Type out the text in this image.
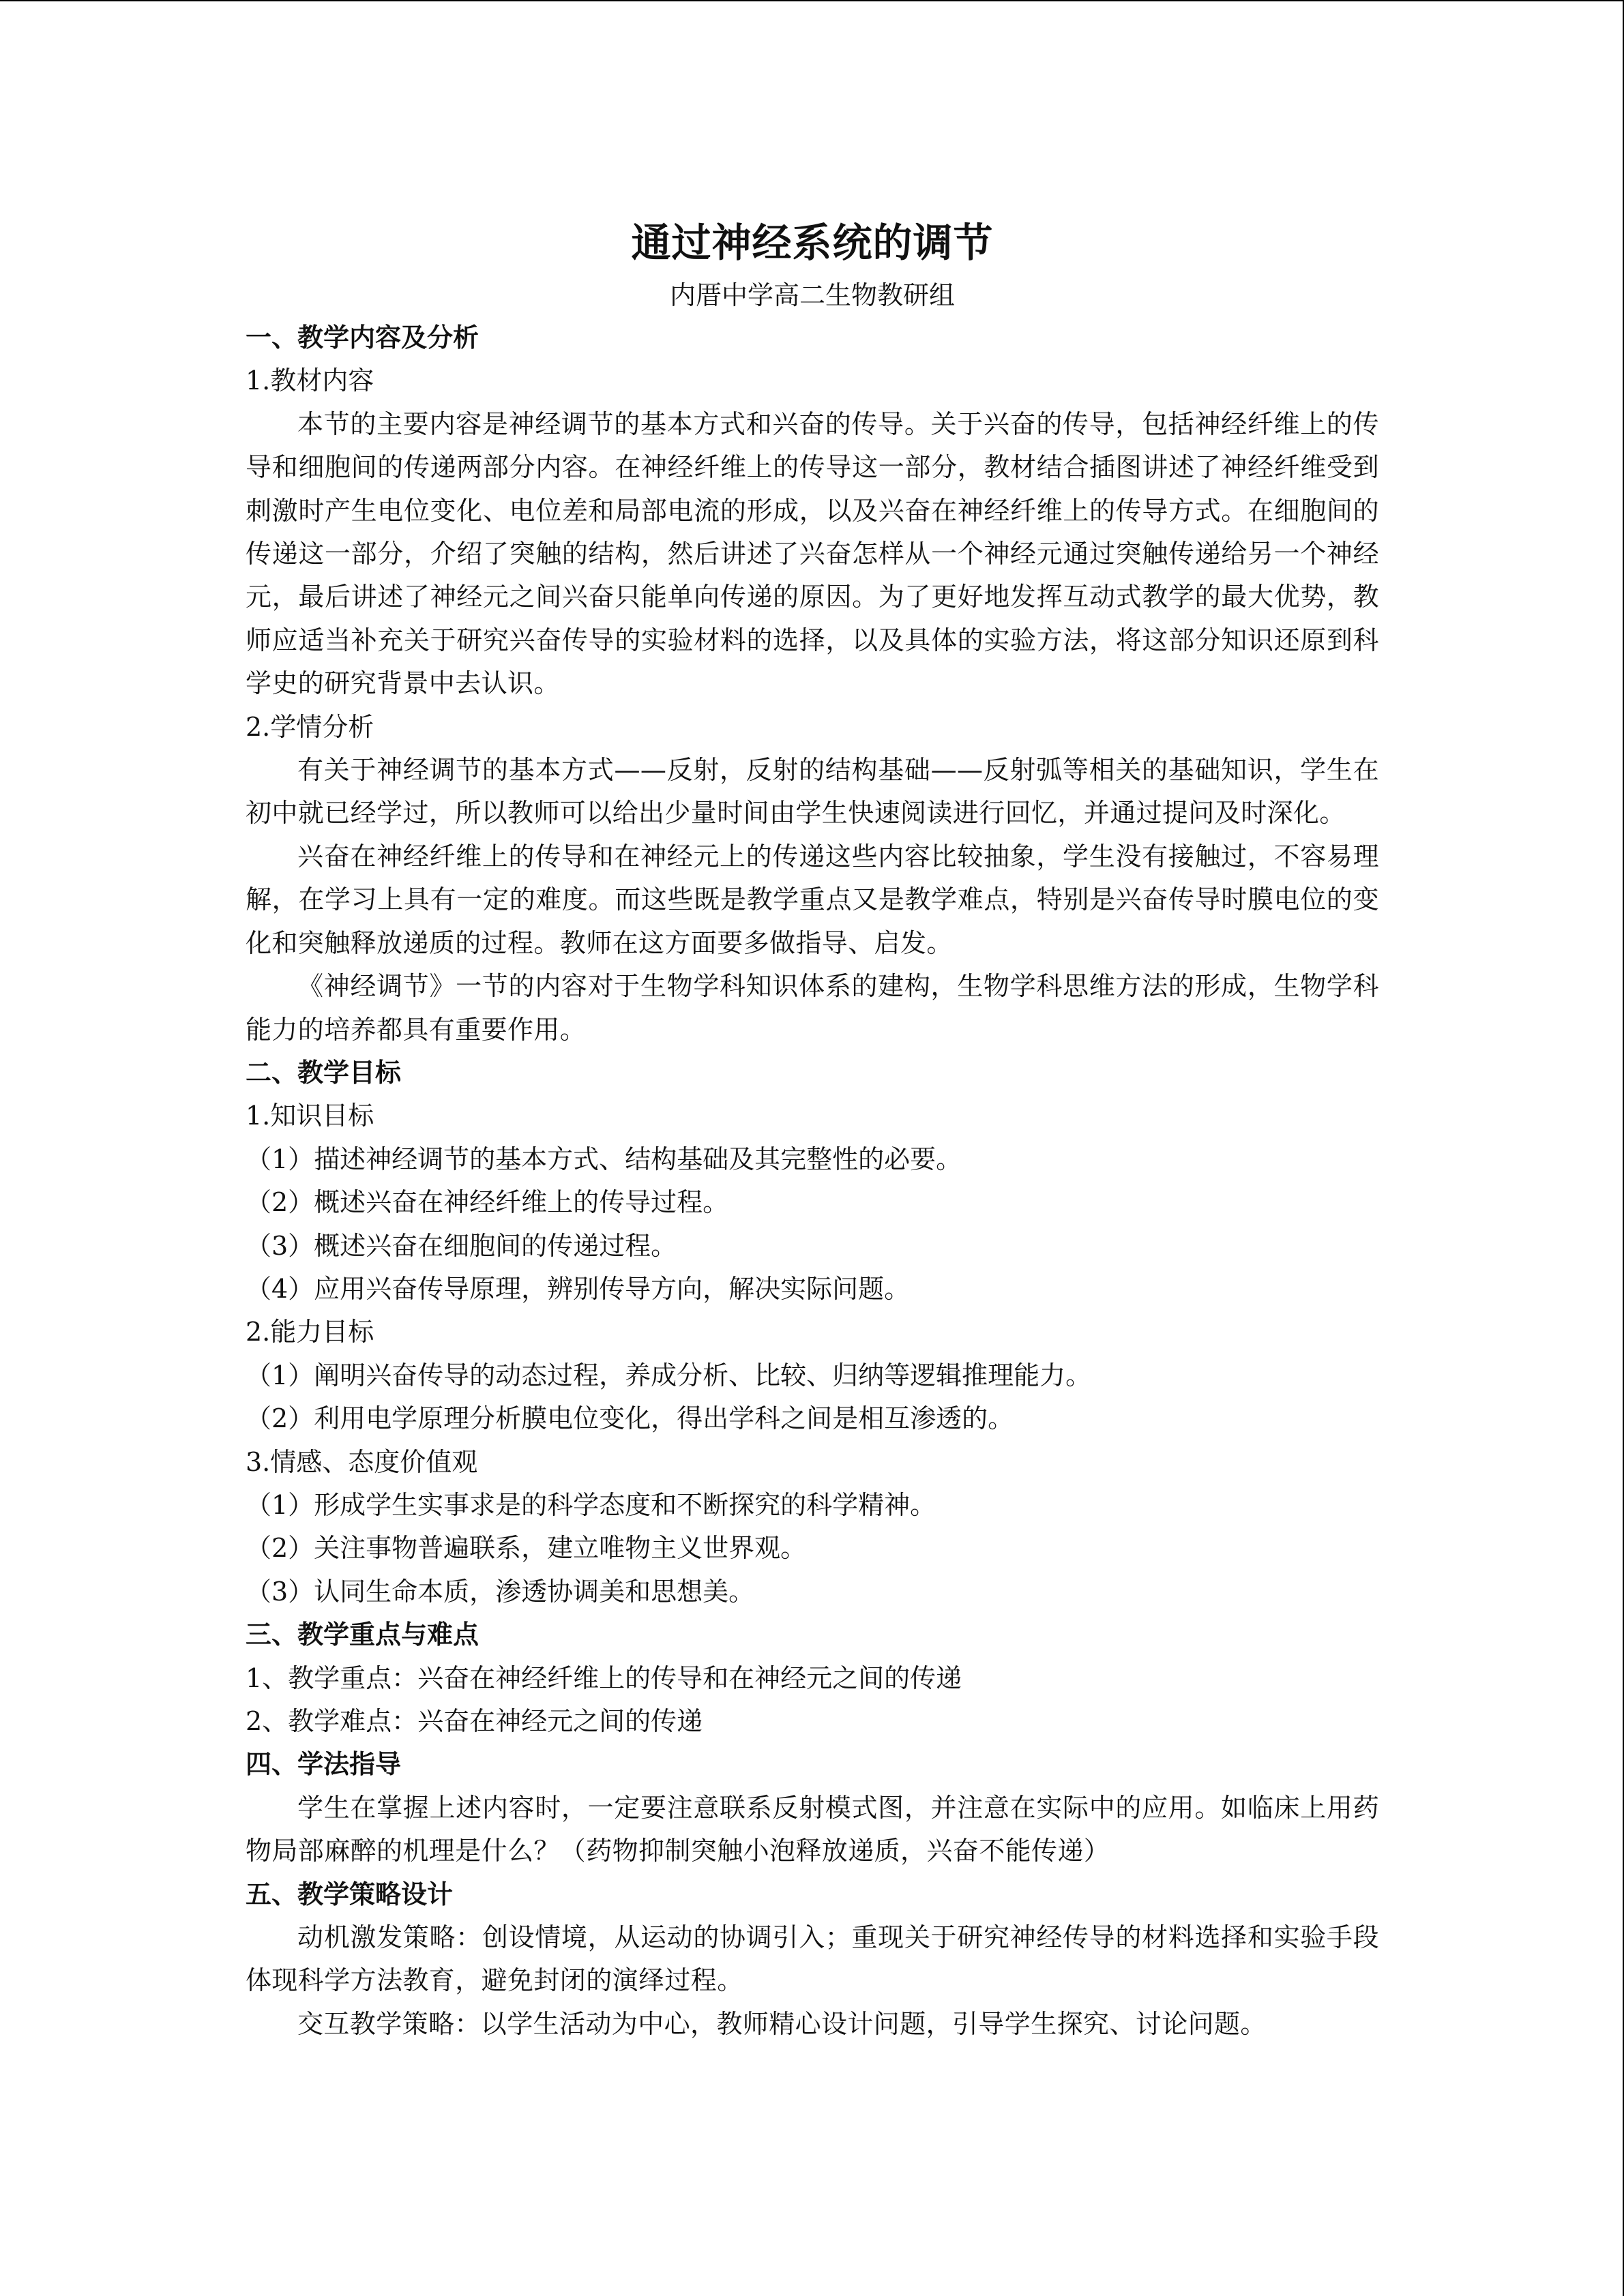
通过神经系统的调节

内厝中学高二生物教研组

一、教学内容及分析

1.教材内容

本节的主要内容是神经调节的基本方式和兴奋的传导。关于兴奋的传导，包括神经纤维上的传导和细胞间的传递两部分内容。在神经纤维上的传导这一部分，教材结合插图讲述了神经纤维受到刺激时产生电位变化、电位差和局部电流的形成，以及兴奋在神经纤维上的传导方式。在细胞间的传递这一部分，介绍了突触的结构，然后讲述了兴奋怎样从一个神经元通过突触传递给另一个神经元，最后讲述了神经元之间兴奋只能单向传递的原因。为了更好地发挥互动式教学的最大优势，教师应适当补充关于研究兴奋传导的实验材料的选择，以及具体的实验方法，将这部分知识还原到科学史的研究背景中去认识。

2.学情分析

有关于神经调节的基本方式——反射，反射的结构基础——反射弧等相关的基础知识，学生在初中就已经学过，所以教师可以给出少量时间由学生快速阅读进行回忆，并通过提问及时深化。

兴奋在神经纤维上的传导和在神经元上的传递这些内容比较抽象，学生没有接触过，不容易理解，在学习上具有一定的难度。而这些既是教学重点又是教学难点，特别是兴奋传导时膜电位的变化和突触释放递质的过程。教师在这方面要多做指导、启发。

《神经调节》一节的内容对于生物学科知识体系的建构，生物学科思维方法的形成，生物学科能力的培养都具有重要作用。

二、教学目标

1.知识目标

（1）描述神经调节的基本方式、结构基础及其完整性的必要。

（2）概述兴奋在神经纤维上的传导过程。

（3）概述兴奋在细胞间的传递过程。

（4）应用兴奋传导原理，辨别传导方向，解决实际问题。

2.能力目标

（1）阐明兴奋传导的动态过程，养成分析、比较、归纳等逻辑推理能力。

（2）利用电学原理分析膜电位变化，得出学科之间是相互渗透的。

3.情感、态度价值观

（1）形成学生实事求是的科学态度和不断探究的科学精神。

（2）关注事物普遍联系，建立唯物主义世界观。

（3）认同生命本质，渗透协调美和思想美。

三、教学重点与难点

1、教学重点：兴奋在神经纤维上的传导和在神经元之间的传递

2、教学难点：兴奋在神经元之间的传递

四、学法指导

学生在掌握上述内容时，一定要注意联系反射模式图，并注意在实际中的应用。如临床上用药物局部麻醉的机理是什么？（药物抑制突触小泡释放递质，兴奋不能传递）

五、教学策略设计

动机激发策略：创设情境，从运动的协调引入；重现关于研究神经传导的材料选择和实验手段体现科学方法教育，避免封闭的演绎过程。

交互教学策略：以学生活动为中心，教师精心设计问题，引导学生探究、讨论问题。
